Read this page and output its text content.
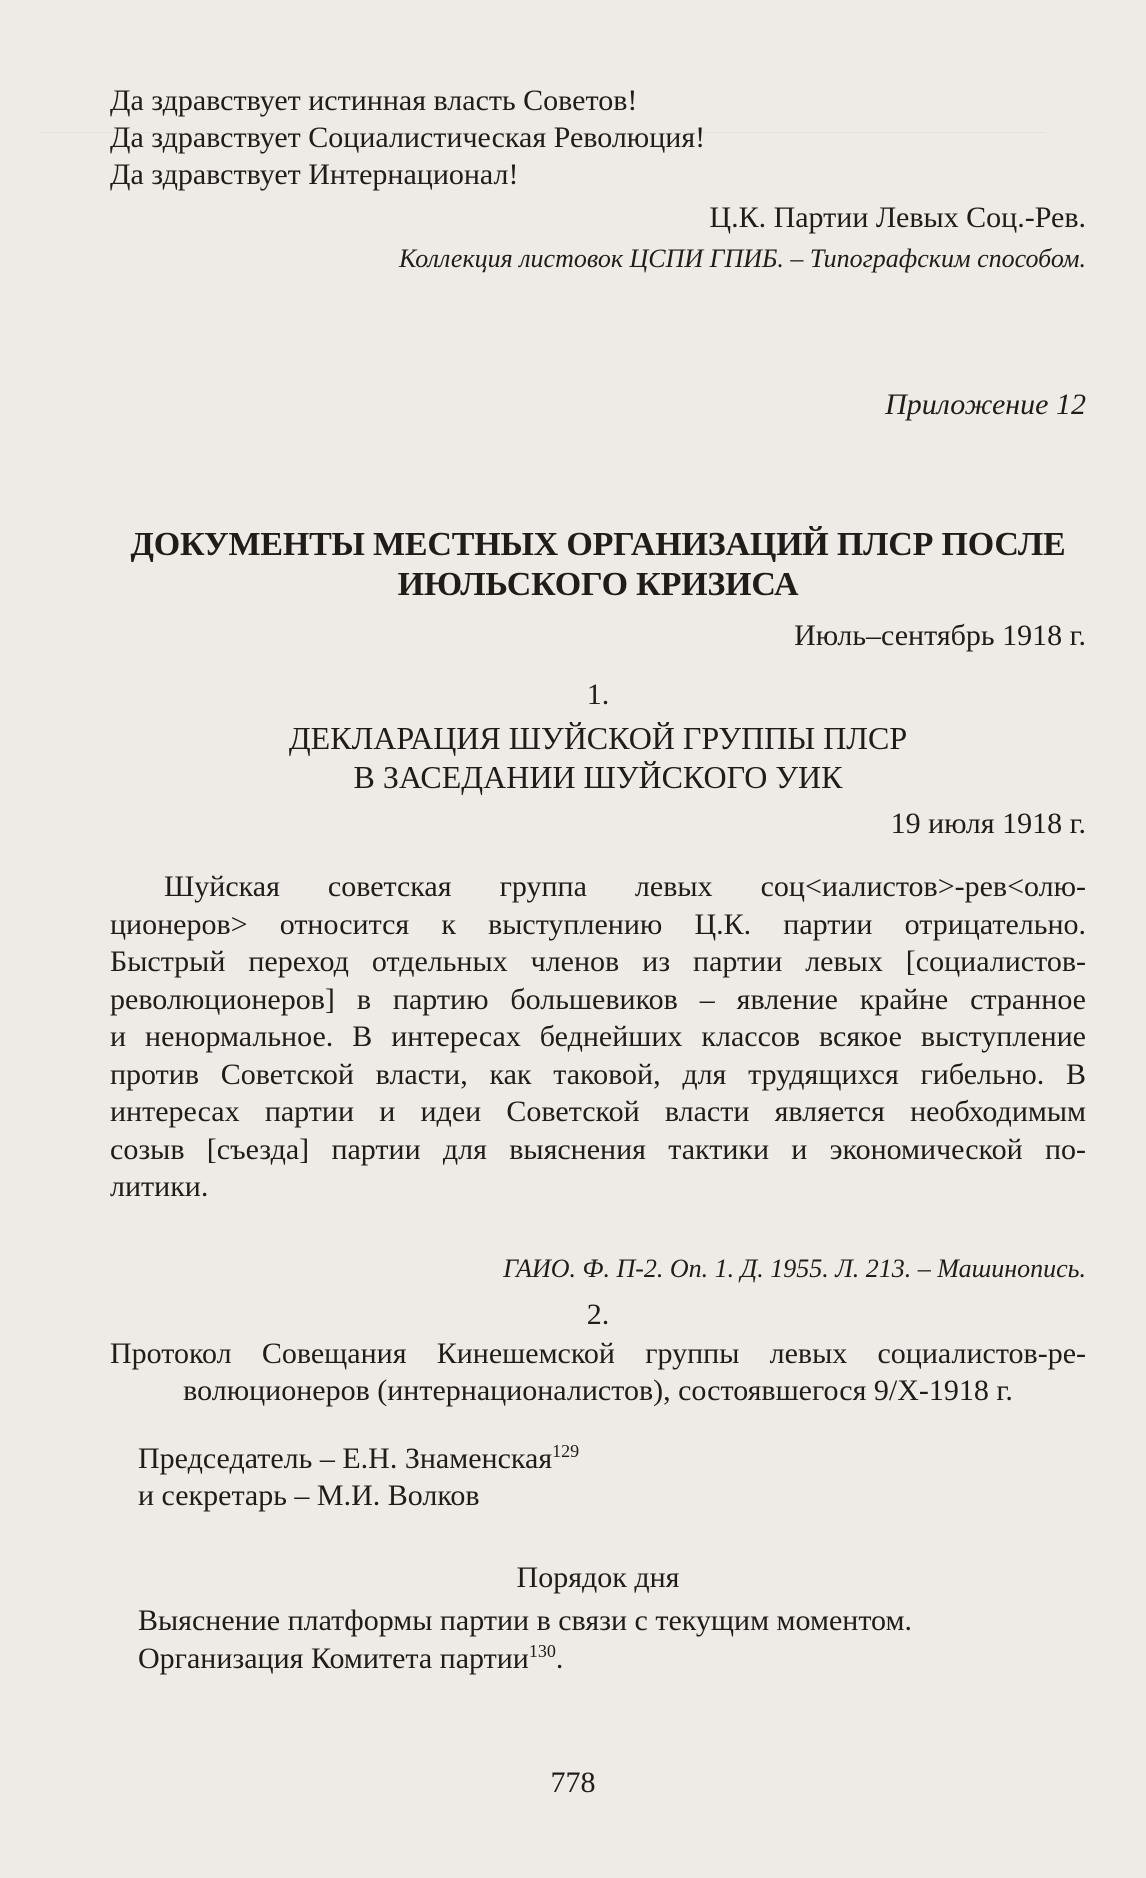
Да здравствует истинная власть Советов!

Да здравствует Социалистическая Революция!

Да здравствует Интернационал!

Ц.К. Партии Левых Соц.-Рев.

Коллекция листовок ЦСПИ ГПИБ. – Типографским способом.

Приложение 12

ДОКУМЕНТЫ МЕСТНЫХ ОРГАНИЗАЦИЙ ПЛСР ПОСЛЕ

ИЮЛЬСКОГО КРИЗИСА

Июль–сентябрь 1918 г.

1.

ДЕКЛАРАЦИЯ ШУЙСКОЙ ГРУППЫ ПЛСР

В ЗАСЕДАНИИ ШУЙСКОГО УИК

19 июля 1918 г.

Шуйская советская группа левых соц<иалистов>-рев<олю-

ционеров> относится к выступлению Ц.К. партии отрицательно.

Быстрый переход отдельных членов из партии левых [социалистов-

революционеров] в партию большевиков – явление крайне странное

и ненормальное. В интересах беднейших классов всякое выступление

против Советской власти, как таковой, для трудящихся гибельно. В

интересах партии и идеи Советской власти является необходимым

созыв [съезда] партии для выяснения тактики и экономической по-

литики.

ГАИО. Ф. П-2. Оп. 1. Д. 1955. Л. 213. – Машинопись.

2.

Протокол Совещания Кинешемской группы левых социалистов-ре-

волюционеров (интернационалистов), состоявшегося 9/X-1918 г.

Председатель – Е.Н. Знаменская$^{129}$

и секретарь – М.И. Волков

Порядок дня

Выяснение платформы партии в связи с текущим моментом.

Организация Комитета партии$^{130}$.

778
